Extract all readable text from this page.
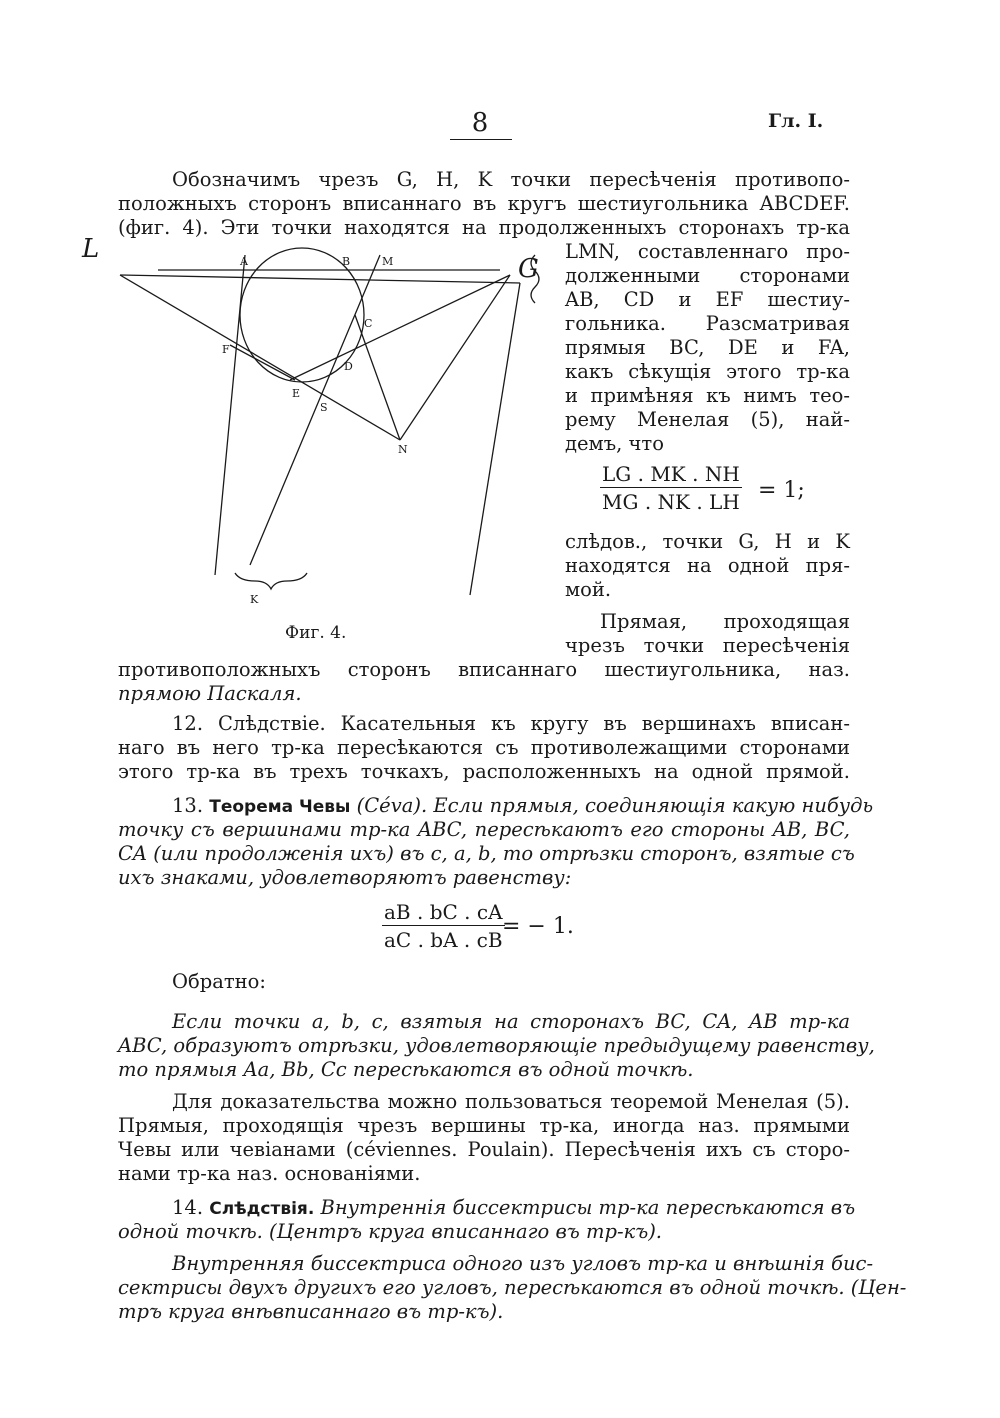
8	Гл. I.
Обозначимъ чрезъ G, H, K точки пересѣченія противопо-
положныхъ сторонъ вписаннаго въ кругъ шестиугольника ABCDEF.
(фиг. 4). Эти точки находятся на продолженныхъ сторонахъ тр-ка
LMN, составленнаго про-
долженными сторонами
AB, CD и EF шестиу-
гольника. Разсматривая
прямыя BC, DE и FA,
какъ сѣкущія этого тр-ка
и примѣняя къ нимъ тео-
рему Менелая (5), най-
демъ, что
$\frac{LG . MK . NH}{MG . NK . LH} = 1$;
слѣдов., точки G, H и K
находятся на одной пря-
мой.
Прямая, проходящая
чрезъ точки пересѣченія
противоположныхъ сторонъ вписаннаго шестиугольника, наз.
прямою Паскаля.
A	B	M
C
D
E
F
S
N
K
L
G
Фиг. 4.
12. Слѣдствіе. Касательныя къ кругу въ вершинахъ вписан-
наго въ него тр-ка пересѣкаются съ противолежащими сторонами
этого тр-ка въ трехъ точкахъ, расположенныхъ на одной прямой.
13. Теорема Чевы (Céva). Если прямыя, соединяющія какую нибудь
точку съ вершинами тр-ка ABC, пересѣкаютъ его стороны AB, BC,
CA (или продолженія ихъ) въ c, a, b, то отрѣзки сторонъ, взятые съ
ихъ знаками, удовлетворяютъ равенству:
$\frac{aB . bC . cA}{aC . bA . cB}$
= − 1.
Обратно:
Если точки a, b, c, взятыя на сторонахъ BC, CA, AB тр-ка
ABC, образуютъ отрѣзки, удовлетворяющіе предыдущему равенству,
то прямыя Aa, Bb, Cc пересѣкаются въ одной точкѣ.
Для доказательства можно пользоваться теоремой Менелая (5).
Прямыя, проходящія чрезъ вершины тр-ка, иногда наз. прямыми
Чевы или чевіанами (céviennes. Poulain). Пересѣченія ихъ съ сторо-
нами тр-ка наз. основаніями.
14. Слѣдствія. Внутреннія биссектрисы тр-ка пересѣкаются въ
одной точкѣ. (Центръ круга вписаннаго въ тр-къ).
Внутренняя биссектриса одного изъ угловъ тр-ка и внѣшнія бис-
сектрисы двухъ другихъ его угловъ, пересѣкаются въ одной точкѣ. (Цен-
тръ круга внѣвписаннаго въ тр-къ).
